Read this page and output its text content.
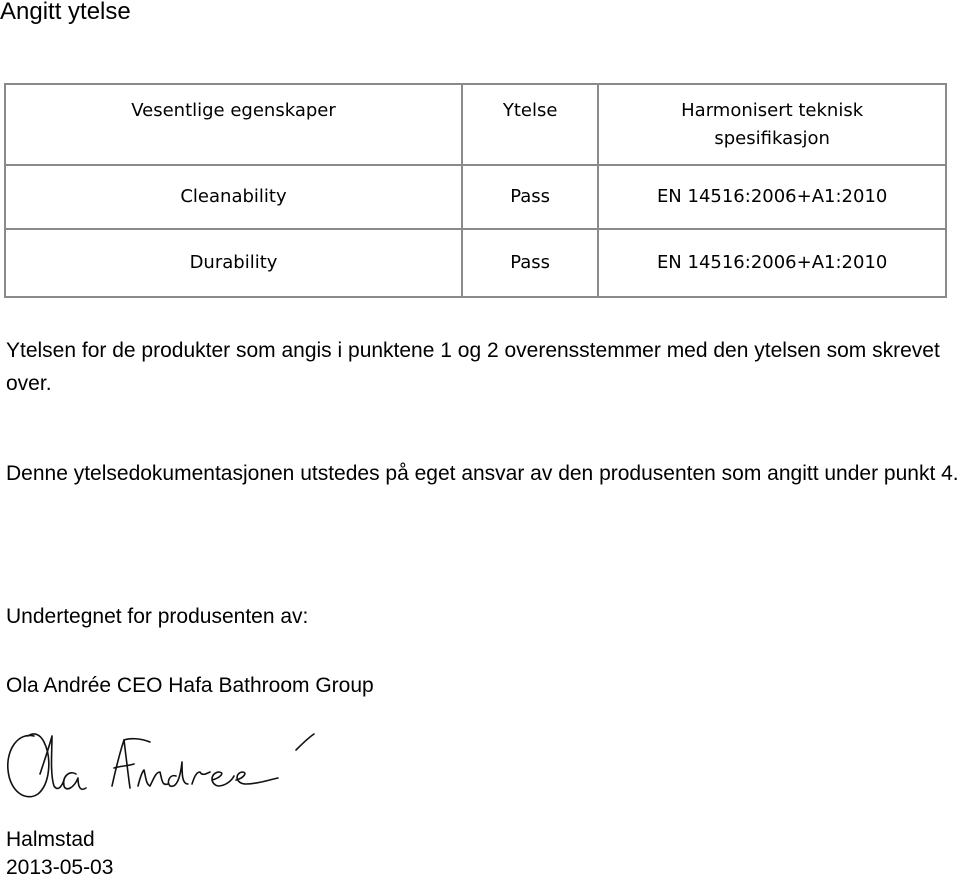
Angitt ytelse
Vesentlige egenskaper	Ytelse	Harmonisert teknisk spesifikasjon
Cleanability	Pass	EN 14516:2006+A1:2010
Durability	Pass	EN 14516:2006+A1:2010

Ytelsen for de produkter som angis i punktene 1 og 2 overensstemmer med den ytelsen som skrevet over.

Denne ytelsedokumentasjonen utstedes på eget ansvar av den produsenten som angitt under punkt 4.

Undertegnet for produsenten av:

Ola Andrée CEO Hafa Bathroom Group

Ola Andrée
Halmstad
2013-05-03
